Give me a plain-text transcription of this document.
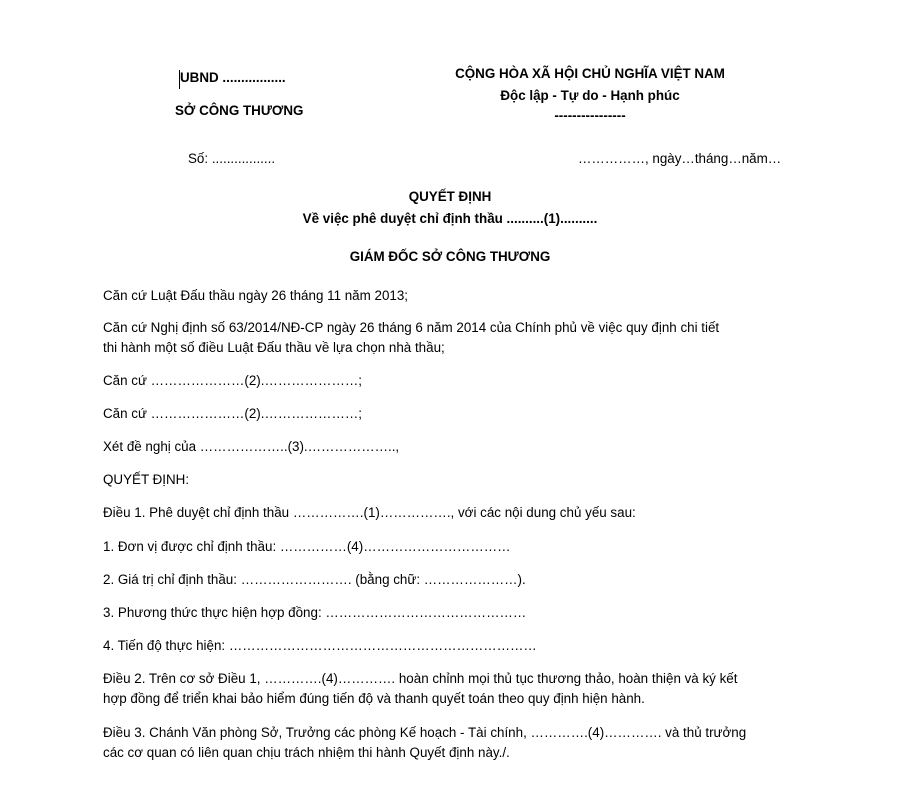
UBND .................
SỞ CÔNG THƯƠNG
CỘNG HÒA XÃ HỘI CHỦ NGHĨA VIỆT NAM
Độc lập - Tự do - Hạnh phúc
----------------
Số: .................	……………, ngày…tháng…năm…
QUYẾT ĐỊNH
Về việc phê duyệt chỉ định thầu ..........(1)..........
GIÁM ĐỐC SỞ CÔNG THƯƠNG
Căn cứ Luật Đấu thầu ngày 26 tháng 11 năm 2013;
Căn cứ Nghị định số 63/2014/NĐ-CP ngày 26 tháng 6 năm 2014 của Chính phủ về việc quy định chi tiết
thi hành một số điều Luật Đấu thầu về lựa chọn nhà thầu;
Căn cứ …………………(2).…………………;
Căn cứ …………………(2).…………………;
Xét đề nghị của ………………..(3).………………..,
QUYẾT ĐỊNH:
Điều 1. Phê duyệt chỉ định thầu …………….(1)……………., với các nội dung chủ yếu sau:
1. Đơn vị được chỉ định thầu: ……………(4)……………………………
2. Giá trị chỉ định thầu: ……………………. (bằng chữ: …………………).
3. Phương thức thực hiện hợp đồng: ………………………………………
4. Tiến độ thực hiện: ……………………………………………………………
Điều 2. Trên cơ sở Điều 1, ………….(4)…………. hoàn chỉnh mọi thủ tục thương thảo, hoàn thiện và ký kết
hợp đồng để triển khai bảo hiểm đúng tiến độ và thanh quyết toán theo quy định hiện hành.
Điều 3. Chánh Văn phòng Sở, Trưởng các phòng Kế hoạch - Tài chính, ………….(4)…………. và thủ trưởng
các cơ quan có liên quan chịu trách nhiệm thi hành Quyết định này./.
